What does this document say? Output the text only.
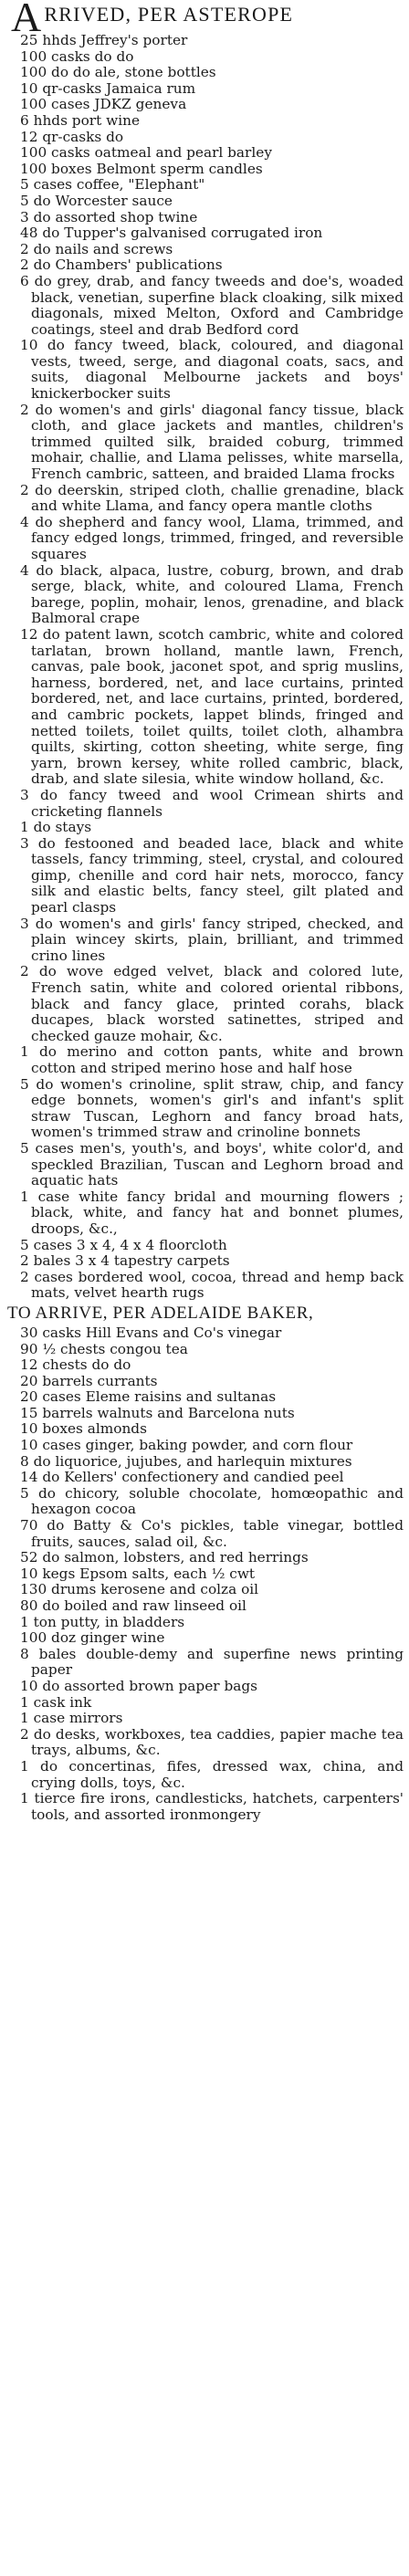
ARRIVED, PER ASTEROPE

25 hhds Jeffrey's porter

100 casks do do

100 do do ale, stone bottles

10 qr-casks Jamaica rum

100 cases JDKZ geneva

6 hhds port wine

12 qr-casks do

100 casks oatmeal and pearl barley

100 boxes Belmont sperm candles

5 cases coffee, "Elephant"

5 do Worcester sauce

3 do assorted shop twine

48 do Tupper's galvanised corrugated iron

2 do nails and screws

2 do Chambers' publications

6 do grey, drab, and fancy tweeds and doe's, woaded black, venetian, superfine black cloaking, silk mixed diagonals, mixed Melton, Oxford and Cambridge coatings, steel and drab Bedford cord

10 do fancy tweed, black, coloured, and diagonal vests, tweed, serge, and diagonal coats, sacs, and suits, diagonal Melbourne jackets and boys' knickerbocker suits

2 do women's and girls' diagonal fancy tissue, black cloth, and glace jackets and mantles, children's trimmed quilted silk, braided coburg, trimmed mohair, challie, and Llama pelisses, white marsella, French cambric, satteen, and braided Llama frocks

2 do deerskin, striped cloth, challie grenadine, black and white Llama, and fancy opera mantle cloths

4 do shepherd and fancy wool, Llama, trimmed, and fancy edged longs, trimmed, fringed, and reversible squares

4 do black, alpaca, lustre, coburg, brown, and drab serge, black, white, and coloured Llama, French barege, poplin, mohair, lenos, grenadine, and black Balmoral crape

12 do patent lawn, scotch cambric, white and colored tarlatan, brown holland, mantle lawn, French, canvas, pale book, jaconet spot, and sprig muslins, harness, bordered, net, and lace curtains, printed bordered, net, and lace curtains, printed, bordered, and cambric pockets, lappet blinds, fringed and netted toilets, toilet quilts, toilet cloth, alhambra quilts, skirting, cotton sheeting, white serge, fing yarn, brown kersey, white rolled cambric, black, drab, and slate silesia, white window holland, &c.

3 do fancy tweed and wool Crimean shirts and cricketing flannels

1 do stays

3 do festooned and beaded lace, black and white tassels, fancy trimming, steel, crystal, and coloured gimp, chenille and cord hair nets, morocco, fancy silk and elastic belts, fancy steel, gilt plated and pearl clasps

3 do women's and girls' fancy striped, checked, and plain wincey skirts, plain, brilliant, and trimmed crino lines

2 do wove edged velvet, black and colored lute, French satin, white and colored oriental ribbons, black and fancy glace, printed corahs, black ducapes, black worsted satinettes, striped and checked gauze mohair, &c.

1 do merino and cotton pants, white and brown cotton and striped merino hose and half hose

5 do women's crinoline, split straw, chip, and fancy edge bonnets, women's girl's and infant's split straw Tuscan, Leghorn and fancy broad hats, women's trimmed straw and crinoline bonnets

5 cases men's, youth's, and boys', white color'd, and speckled Brazilian, Tuscan and Leghorn broad and aquatic hats

1 case white fancy bridal and mourning flowers ; black, white, and fancy hat and bonnet plumes, droops, &c.,

5 cases 3 x 4, 4 x 4 floorcloth

2 bales 3 x 4 tapestry carpets

2 cases bordered wool, cocoa, thread and hemp back mats, velvet hearth rugs

TO ARRIVE, PER ADELAIDE BAKER,

30 casks Hill Evans and Co's vinegar

90 ½ chests congou tea

12 chests do do

20 barrels currants

20 cases Eleme raisins and sultanas

15 barrels walnuts and Barcelona nuts

10 boxes almonds

10 cases ginger, baking powder, and corn flour

8 do liquorice, jujubes, and harlequin mixtures

14 do Kellers' confectionery and candied peel

5 do chicory, soluble chocolate, homœopathic and hexagon cocoa

70 do Batty & Co's pickles, table vinegar, bottled fruits, sauces, salad oil, &c.

52 do salmon, lobsters, and red herrings

10 kegs Epsom salts, each ½ cwt

130 drums kerosene and colza oil

80 do boiled and raw linseed oil

1 ton putty, in bladders

100 doz ginger wine

8 bales double-demy and superfine news printing paper

10 do assorted brown paper bags

1 cask ink

1 case mirrors

2 do desks, workboxes, tea caddies, papier mache tea trays, albums, &c.

1 do concertinas, fifes, dressed wax, china, and crying dolls, toys, &c.

1 tierce fire irons, candlesticks, hatchets, carpenters' tools, and assorted ironmongery
